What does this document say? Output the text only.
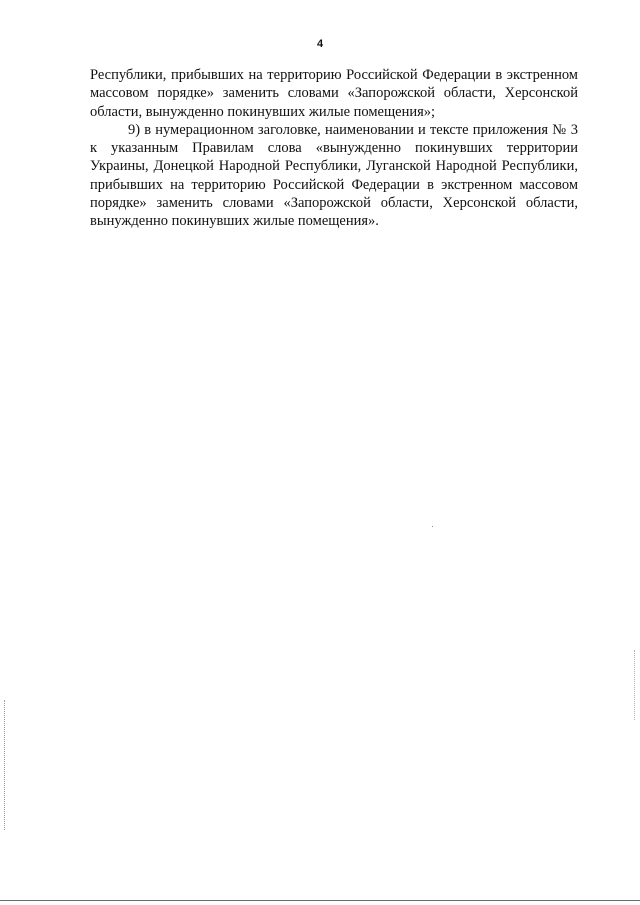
4

Республики, прибывших на территорию Российской Федерации в экстренном массовом порядке» заменить словами «Запорожской области, Херсонской области, вынужденно покинувших жилые помещения»;

9) в нумерационном заголовке, наименовании и тексте приложения № 3 к указанным Правилам слова «вынужденно покинувших территории Украины, Донецкой Народной Республики, Луганской Народной Республики, прибывших на территорию Российской Федерации в экстренном массовом порядке» заменить словами «Запорожской области, Херсонской области, вынужденно покинувших жилые помещения».
